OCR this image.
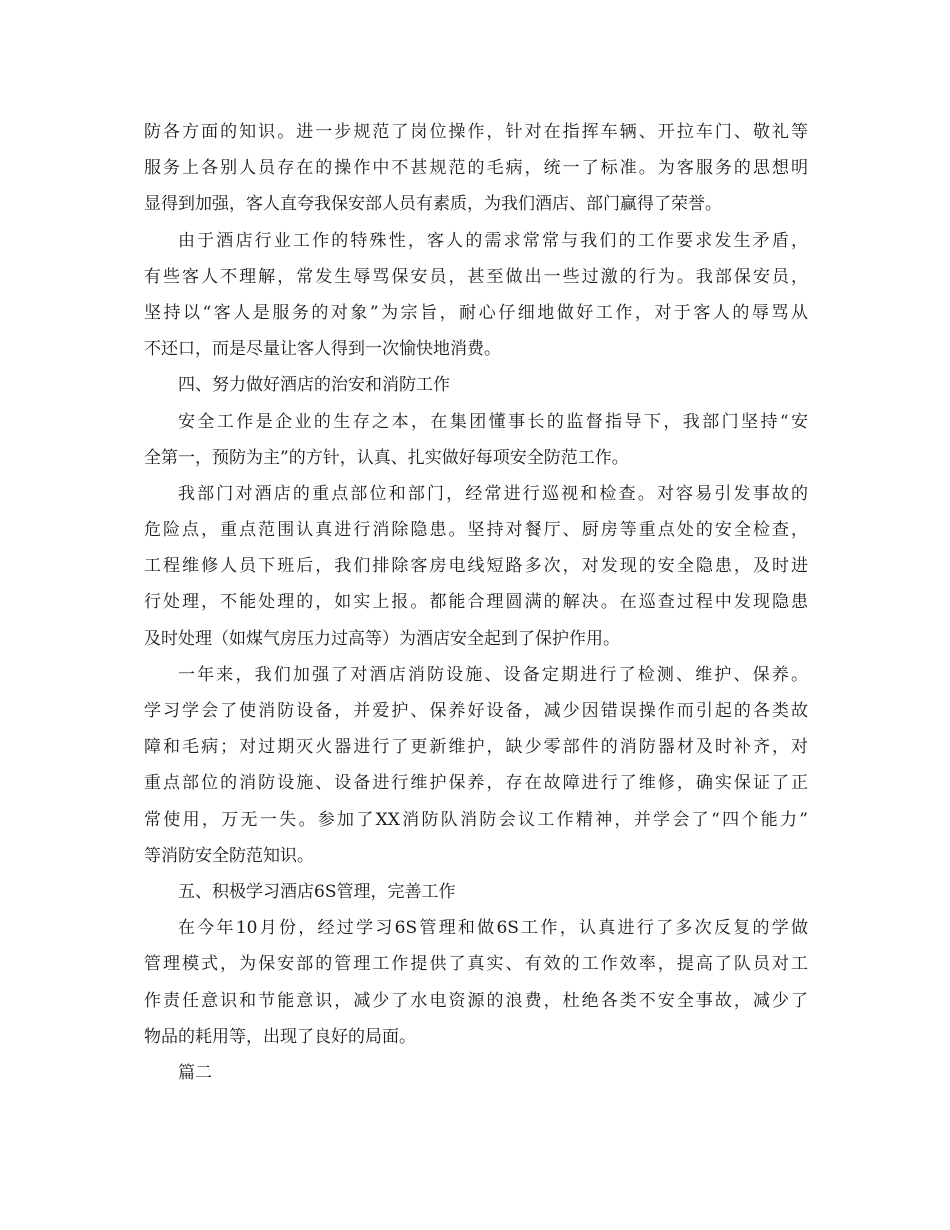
防各方面的知识。进一步规范了岗位操作，针对在指挥车辆、开拉车门、敬礼等
服务上各别人员存在的操作中不甚规范的毛病，统一了标准。为客服务的思想明
显得到加强，客人直夸我保安部人员有素质，为我们酒店、部门赢得了荣誉。
由于酒店行业工作的特殊性，客人的需求常常与我们的工作要求发生矛盾，
有些客人不理解，常发生辱骂保安员，甚至做出一些过激的行为。我部保安员，
坚持以“客人是服务的对象”为宗旨，耐心仔细地做好工作，对于客人的辱骂从
不还口，而是尽量让客人得到一次愉快地消费。
四、努力做好酒店的治安和消防工作
安全工作是企业的生存之本，在集团懂事长的监督指导下，我部门坚持“安
全第一，预防为主”的方针，认真、扎实做好每项安全防范工作。
我部门对酒店的重点部位和部门，经常进行巡视和检查。对容易引发事故的
危险点，重点范围认真进行消除隐患。坚持对餐厅、厨房等重点处的安全检查，
工程维修人员下班后，我们排除客房电线短路多次，对发现的安全隐患，及时进
行处理，不能处理的，如实上报。都能合理圆满的解决。在巡查过程中发现隐患
及时处理（如煤气房压力过高等）为酒店安全起到了保护作用。
一年来，我们加强了对酒店消防设施、设备定期进行了检测、维护、保养。
学习学会了使消防设备，并爱护、保养好设备，减少因错误操作而引起的各类故
障和毛病；对过期灭火器进行了更新维护，缺少零部件的消防器材及时补齐，对
重点部位的消防设施、设备进行维护保养，存在故障进行了维修，确实保证了正
常使用，万无一失。参加了XX消防队消防会议工作精神，并学会了“四个能力”
等消防安全防范知识。
五、积极学习酒店6S管理，完善工作
在今年10月份，经过学习6S管理和做6S工作，认真进行了多次反复的学做
管理模式，为保安部的管理工作提供了真实、有效的工作效率，提高了队员对工
作责任意识和节能意识，减少了水电资源的浪费，杜绝各类不安全事故，减少了
物品的耗用等，出现了良好的局面。
篇二
